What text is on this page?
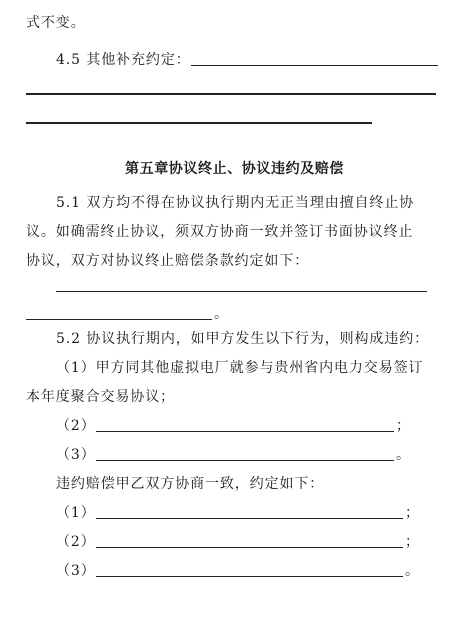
式不变。
4.5 其他补充约定：
第五章协议终止、协议违约及赔偿
5.1 双方均不得在协议执行期内无正当理由擅自终止协
议。如确需终止协议，须双方协商一致并签订书面协议终止
协议，双方对协议终止赔偿条款约定如下：
。
5.2 协议执行期内，如甲方发生以下行为，则构成违约：
（1）甲方同其他虚拟电厂就参与贵州省内电力交易签订
本年度聚合交易协议；
（2）	；
（3）	。
违约赔偿甲乙双方协商一致，约定如下：
（1）	；
（2）	；
（3）	。
